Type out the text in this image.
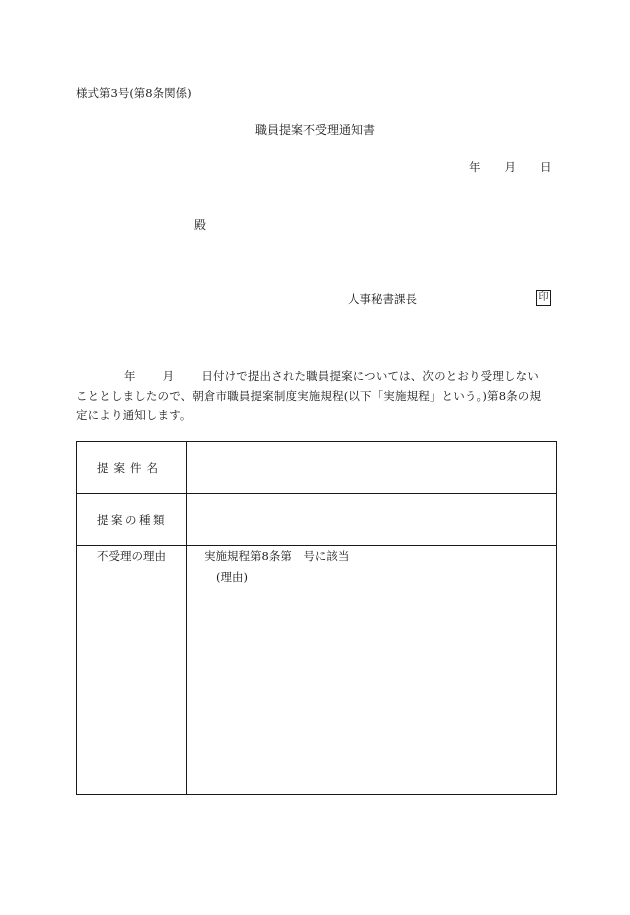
様式第3号(第8条関係)
職員提案不受理通知書
年 月 日
殿
人事秘書課長	印
年 月 日付けで提出された職員提案については、次のとおり受理しない
こととしましたので、朝倉市職員提案制度実施規程(以下「実施規程」という。)第8条の規
定により通知します。
提案件名	
提案の種類	
不受理の理由	実施規程第8条第　号に該当
(理由)
